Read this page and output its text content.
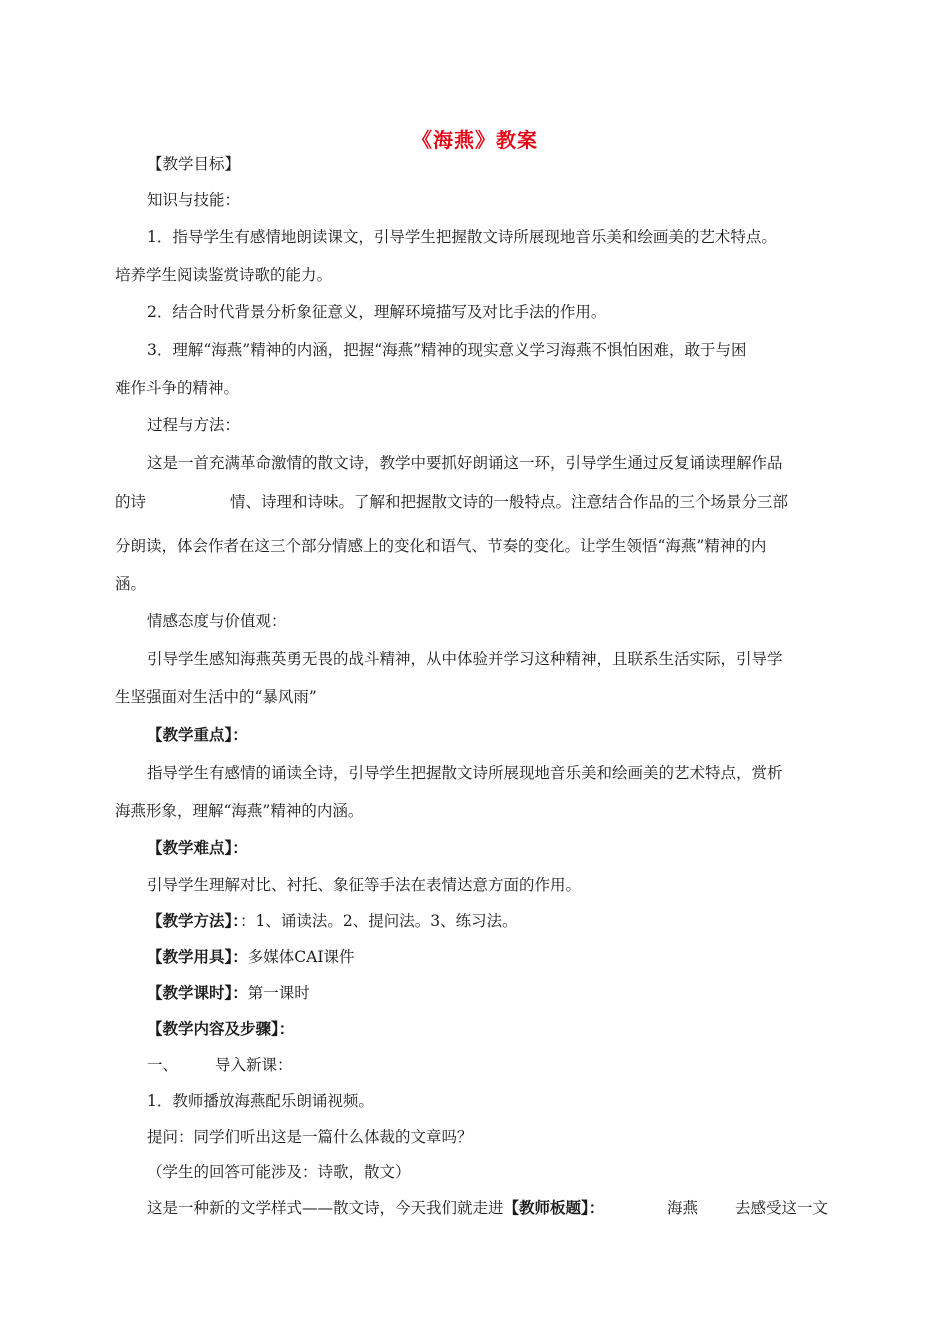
《海燕》教案
【教学目标】
知识与技能：
1．指导学生有感情地朗读课文，引导学生把握散文诗所展现地音乐美和绘画美的艺术特点。
培养学生阅读鉴赏诗歌的能力。
2．结合时代背景分析象征意义，理解环境描写及对比手法的作用。
3．理解“海燕”精神的内涵，把握“海燕”精神的现实意义学习海燕不惧怕困难，敢于与困
难作斗争的精神。
过程与方法：
这是一首充满革命激情的散文诗，教学中要抓好朗诵这一环，引导学生通过反复诵读理解作品
的诗	情、诗理和诗味。了解和把握散文诗的一般特点。注意结合作品的三个场景分三部
分朗读，体会作者在这三个部分情感上的变化和语气、节奏的变化。让学生领悟“海燕”精神的内
涵。
情感态度与价值观：
引导学生感知海燕英勇无畏的战斗精神，从中体验并学习这种精神，且联系生活实际，引导学
生坚强面对生活中的“暴风雨”
【教学重点】：
指导学生有感情的诵读全诗，引导学生把握散文诗所展现地音乐美和绘画美的艺术特点，赏析
海燕形象，理解“海燕”精神的内涵。
【教学难点】：
引导学生理解对比、衬托、象征等手法在表情达意方面的作用。
【教学方法】：：1、诵读法。2、提问法。3、练习法。
【教学用具】：多媒体CAI课件
【教学课时】：第一课时
【教学内容及步骤】：
一、 导入新课：
1．教师播放海燕配乐朗诵视频。
提问：同学们听出这是一篇什么体裁的文章吗？
（学生的回答可能涉及：诗歌，散文）
这是一种新的文学样式——散文诗，今天我们就走进【教师板题】：	海燕 去感受这一文
